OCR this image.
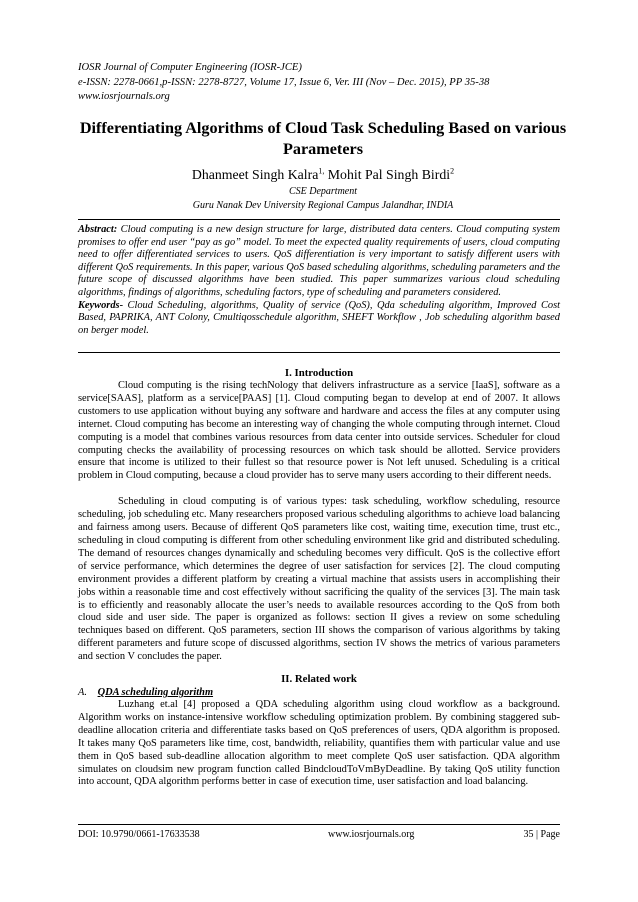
IOSR Journal of Computer Engineering (IOSR-JCE)
e-ISSN: 2278-0661,p-ISSN: 2278-8727, Volume 17, Issue 6, Ver. III (Nov – Dec. 2015), PP 35-38
www.iosrjournals.org
Differentiating Algorithms of Cloud Task Scheduling Based on various Parameters
Dhanmeet Singh Kalra$^{1,}$ Mohit Pal Singh Birdi$^2$
CSE Department
Guru Nanak Dev University Regional Campus Jalandhar, INDIA
Abstract: Cloud computing is a new design structure for large, distributed data centers. Cloud computing system promises to offer end user “pay as go” model. To meet the expected quality requirements of users, cloud computing need to offer differentiated services to users. QoS differentiation is very important to satisfy different users with different QoS requirements. In this paper, various QoS based scheduling algorithms, scheduling parameters and the future scope of discussed algorithms have been studied. This paper summarizes various cloud scheduling algorithms, findings of algorithms, scheduling factors, type of scheduling and parameters considered.
Keywords- Cloud Scheduling, algorithms, Quality of service (QoS), Qda scheduling algorithm, Improved Cost Based, PAPRIKA, ANT Colony, Cmultiqosschedule algorithm, SHEFT Workflow , Job scheduling algorithm based on berger model.
I. Introduction

Cloud computing is the rising techNology that delivers infrastructure as a service [IaaS], software as a service[SAAS], platform as a service[PAAS] [1]. Cloud computing began to develop at end of 2007. It allows customers to use application without buying any software and hardware and access the files at any computer using internet. Cloud computing has become an interesting way of changing the whole computing through internet. Cloud computing is a model that combines various resources from data center into outside services. Scheduler for cloud computing checks the availability of processing resources on which task should be allotted. Service providers ensure that income is utilized to their fullest so that resource power is Not left unused. Scheduling is a critical problem in Cloud computing, because a cloud provider has to serve many users according to their different needs.

Scheduling in cloud computing is of various types: task scheduling, workflow scheduling, resource scheduling, job scheduling etc. Many researchers proposed various scheduling algorithms to achieve load balancing and fairness among users. Because of different QoS parameters like cost, waiting time, execution time, trust etc., scheduling in cloud computing is different from other scheduling environment like grid and distributed scheduling. The demand of resources changes dynamically and scheduling becomes very difficult. QoS is the collective effort of service performance, which determines the degree of user satisfaction for services [2]. The cloud computing environment provides a different platform by creating a virtual machine that assists users in accomplishing their jobs within a reasonable time and cost effectively without sacrificing the quality of the services [3]. The main task is to efficiently and reasonably allocate the user’s needs to available resources according to the QoS from both cloud side and user side. The paper is organized as follows: section II gives a review on some scheduling techniques based on different. QoS parameters, section III shows the comparison of various algorithms by taking different parameters and future scope of discussed algorithms, section IV shows the metrics of various parameters and section V concludes the paper.

II. Related work
A. QDA scheduling algorithm

Luzhang et.al [4] proposed a QDA scheduling algorithm using cloud workflow as a background. Algorithm works on instance-intensive workflow scheduling optimization problem. By combining staggered sub-deadline allocation criteria and differentiate tasks based on QoS preferences of users, QDA algorithm is proposed. It takes many QoS parameters like time, cost, bandwidth, reliability, quantifies them with particular value and use them in QoS based sub-deadline allocation algorithm to meet complete QoS user satisfaction. QDA algorithm simulates on cloudsim new program function called BindcloudToVmByDeadline. By taking QoS utility function into account, QDA algorithm performs better in case of execution time, user satisfaction and load balancing.

DOI: 10.9790/0661-17633538	www.iosrjournals.org	35 | Page
